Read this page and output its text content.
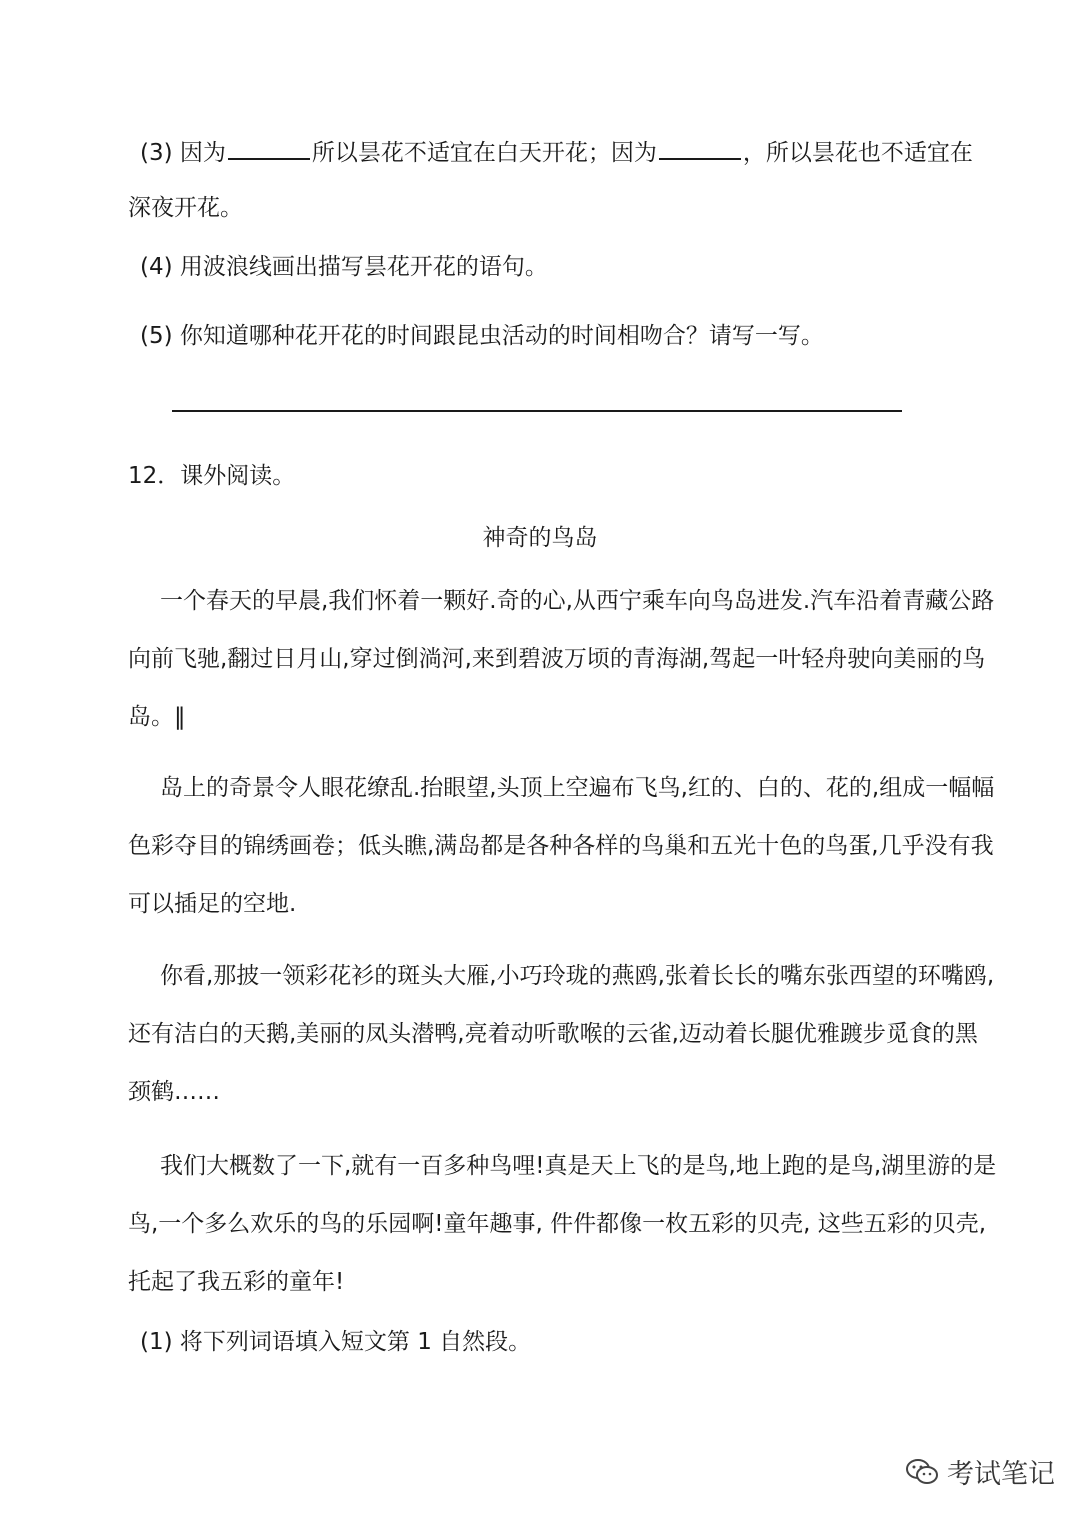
(3) 因为	所以昙花不适宜在白天开花；因为	，所以昙花也不适宜在
深夜开花。
(4) 用波浪线画出描写昙花开花的语句。
(5) 你知道哪种花开花的时间跟昆虫活动的时间相吻合？请写一写。
12．课外阅读。
神奇的鸟岛
一个春天的早晨,我们怀着一颗好.奇的心,从西宁乘车向鸟岛进发.汽车沿着青藏公路
向前飞驰,翻过日月山,穿过倒淌河,来到碧波万顷的青海湖,驾起一叶轻舟驶向美丽的鸟
岛。‖
岛上的奇景令人眼花缭乱.抬眼望,头顶上空遍布飞鸟,红的、白的、花的,组成一幅幅
色彩夺目的锦绣画卷；低头瞧,满岛都是各种各样的鸟巢和五光十色的鸟蛋,几乎没有我
可以插足的空地.
你看,那披一领彩花衫的斑头大雁,小巧玲珑的燕鸥,张着长长的嘴东张西望的环嘴鸥,
还有洁白的天鹅,美丽的凤头潜鸭,亮着动听歌喉的云雀,迈动着长腿优雅踱步觅食的黑
颈鹤……
我们大概数了一下,就有一百多种鸟哩!真是天上飞的是鸟,地上跑的是鸟,湖里游的是
鸟,一个多么欢乐的鸟的乐园啊!童年趣事, 件件都像一枚五彩的贝壳, 这些五彩的贝壳,
托起了我五彩的童年!
(1) 将下列词语填入短文第 1 自然段。
考试笔记
